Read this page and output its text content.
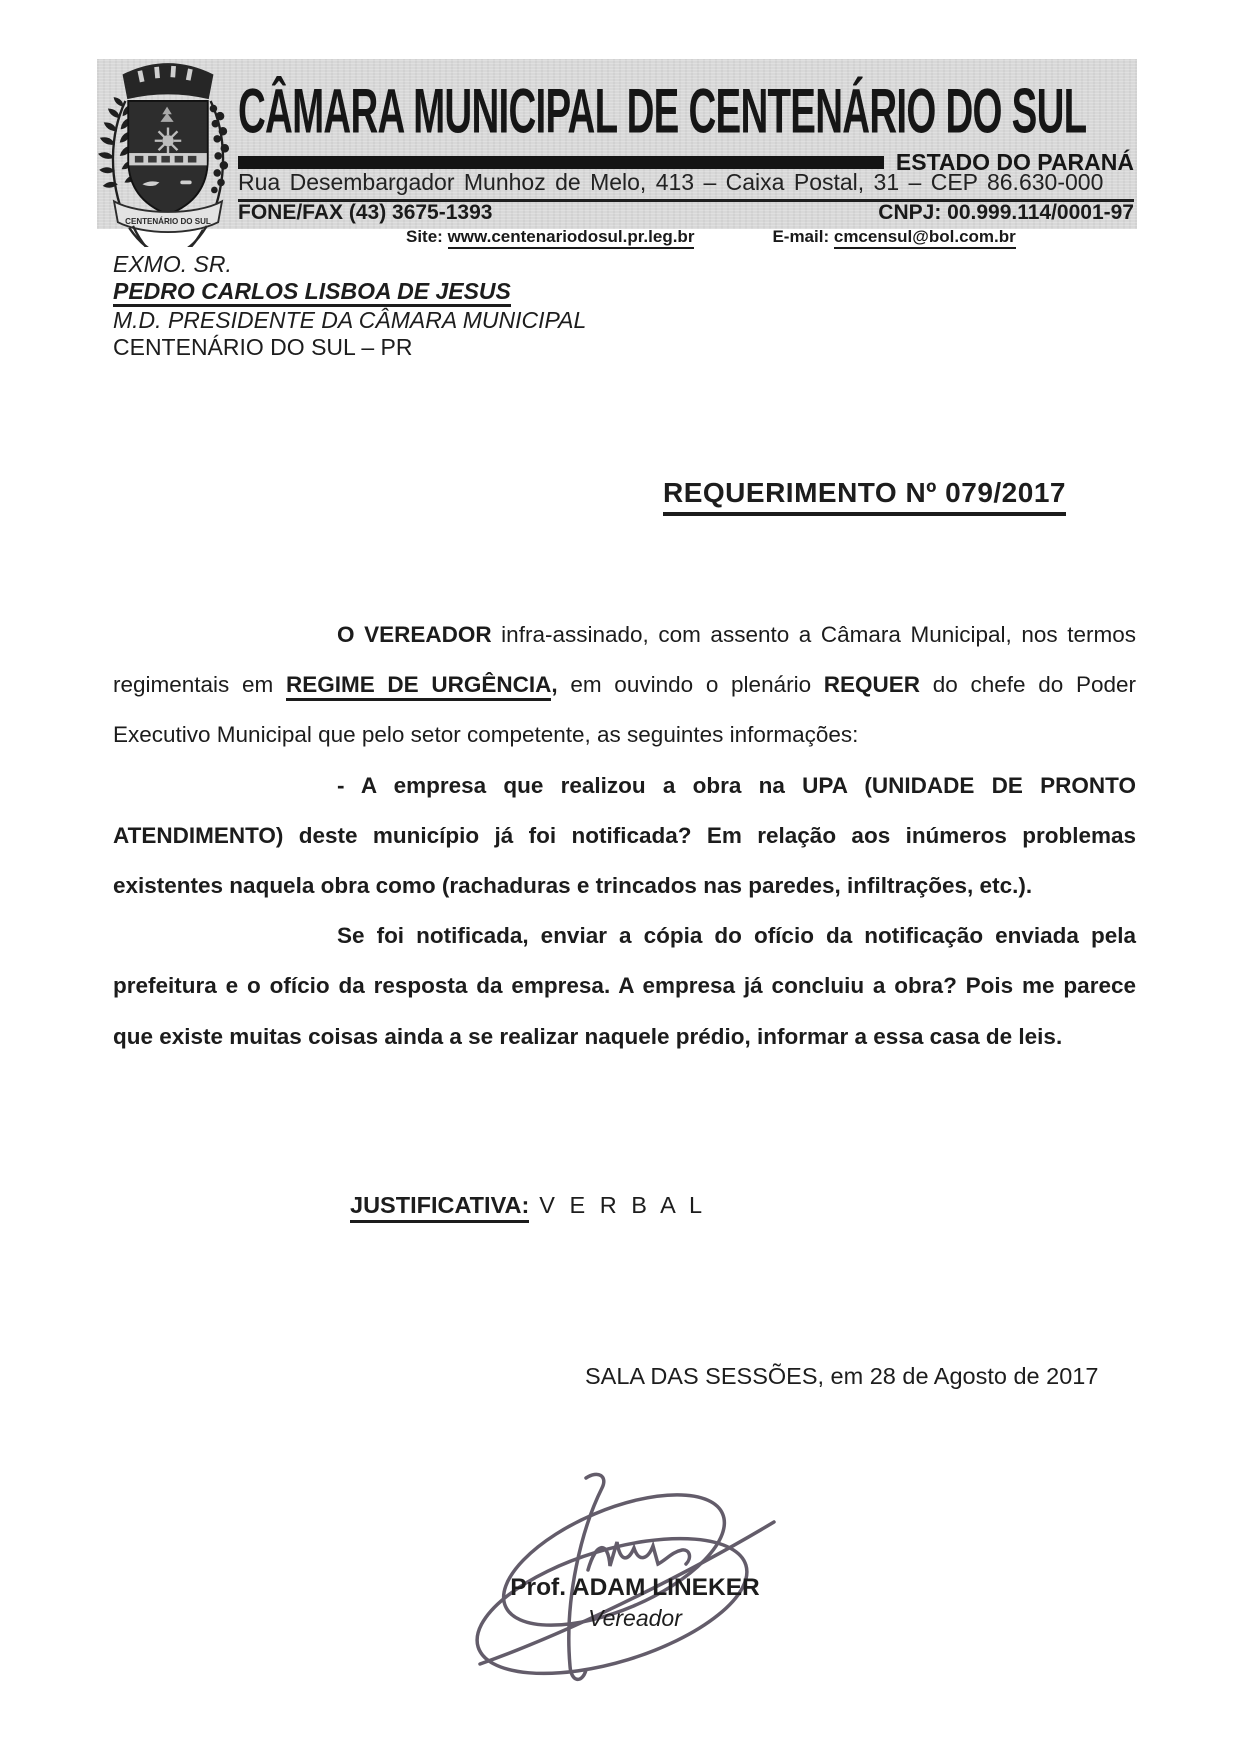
CENTENÁRIO DO SUL
CÂMARA MUNICIPAL DE CENTENÁRIO DO SUL
ESTADO DO PARANÁ
Rua Desembargador Munhoz de Melo, 413 – Caixa Postal, 31 – CEP 86.630-000
FONE/FAX (43) 3675-1393	CNPJ: 00.999.114/0001-97
Site: www.centenariodosul.pr.leg.br	E-mail: cmcensul@bol.com.br
EXMO. SR.
PEDRO CARLOS LISBOA DE JESUS
M.D. PRESIDENTE DA CÂMARA MUNICIPAL
CENTENÁRIO DO SUL – PR
REQUERIMENTO Nº 079/2017

O VEREADOR infra-assinado, com assento a Câmara Municipal, nos termos regimentais em REGIME DE URGÊNCIA, em ouvindo o plenário REQUER do chefe do Poder Executivo Municipal que pelo setor competente, as seguintes informações:

- A empresa que realizou a obra na UPA (UNIDADE DE PRONTO ATENDIMENTO) deste município já foi notificada? Em relação aos inúmeros problemas existentes naquela obra como (rachaduras e trincados nas paredes, infiltrações, etc.).

Se foi notificada, enviar a cópia do ofício da notificação enviada pela prefeitura e o ofício da resposta da empresa. A empresa já concluiu a obra? Pois me parece que existe muitas coisas ainda a se realizar naquele prédio, informar a essa casa de leis.

JUSTIFICATIVA: V E R B A L
SALA DAS SESSÕES, em 28 de Agosto de 2017
Prof. ADAM LINEKER
Vereador
